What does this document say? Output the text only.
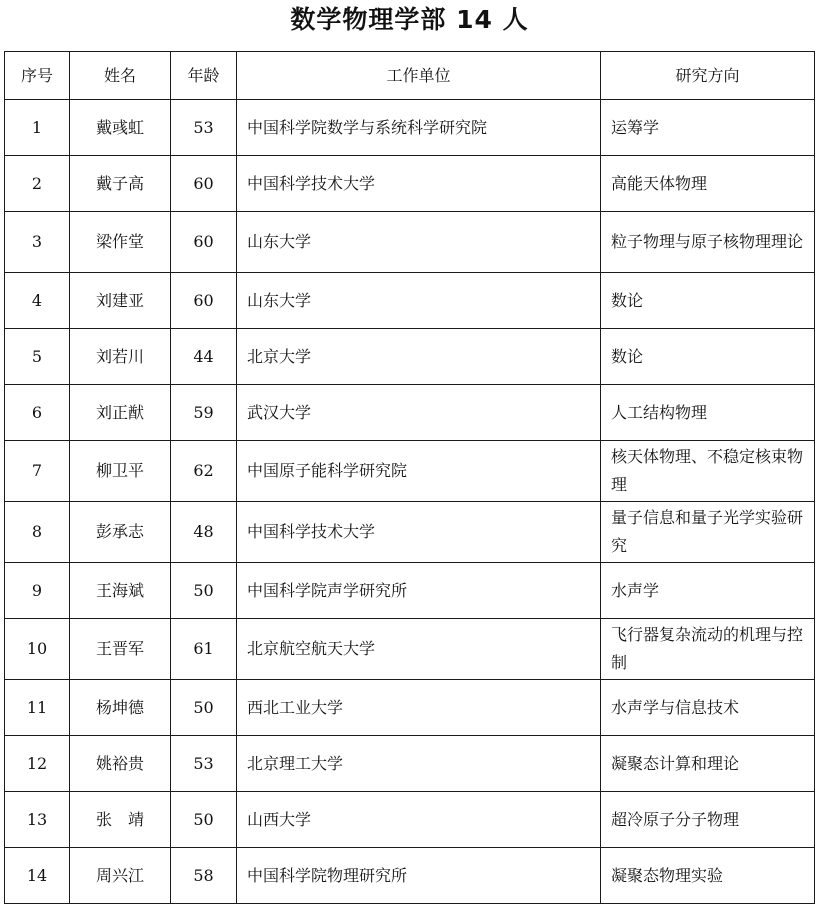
数学物理学部 14 人
序号	姓名	年龄	工作单位	研究方向
1	戴彧虹	53	中国科学院数学与系统科学研究院	运筹学
2	戴子高	60	中国科学技术大学	高能天体物理
3	梁作堂	60	山东大学	粒子物理与原子核物理理论
4	刘建亚	60	山东大学	数论
5	刘若川	44	北京大学	数论
6	刘正猷	59	武汉大学	人工结构物理
7	柳卫平	62	中国原子能科学研究院	核天体物理、不稳定核束物理
8	彭承志	48	中国科学技术大学	量子信息和量子光学实验研究
9	王海斌	50	中国科学院声学研究所	水声学
10	王晋军	61	北京航空航天大学	飞行器复杂流动的机理与控制
11	杨坤德	50	西北工业大学	水声学与信息技术
12	姚裕贵	53	北京理工大学	凝聚态计算和理论
13	张　靖	50	山西大学	超冷原子分子物理
14	周兴江	58	中国科学院物理研究所	凝聚态物理实验
